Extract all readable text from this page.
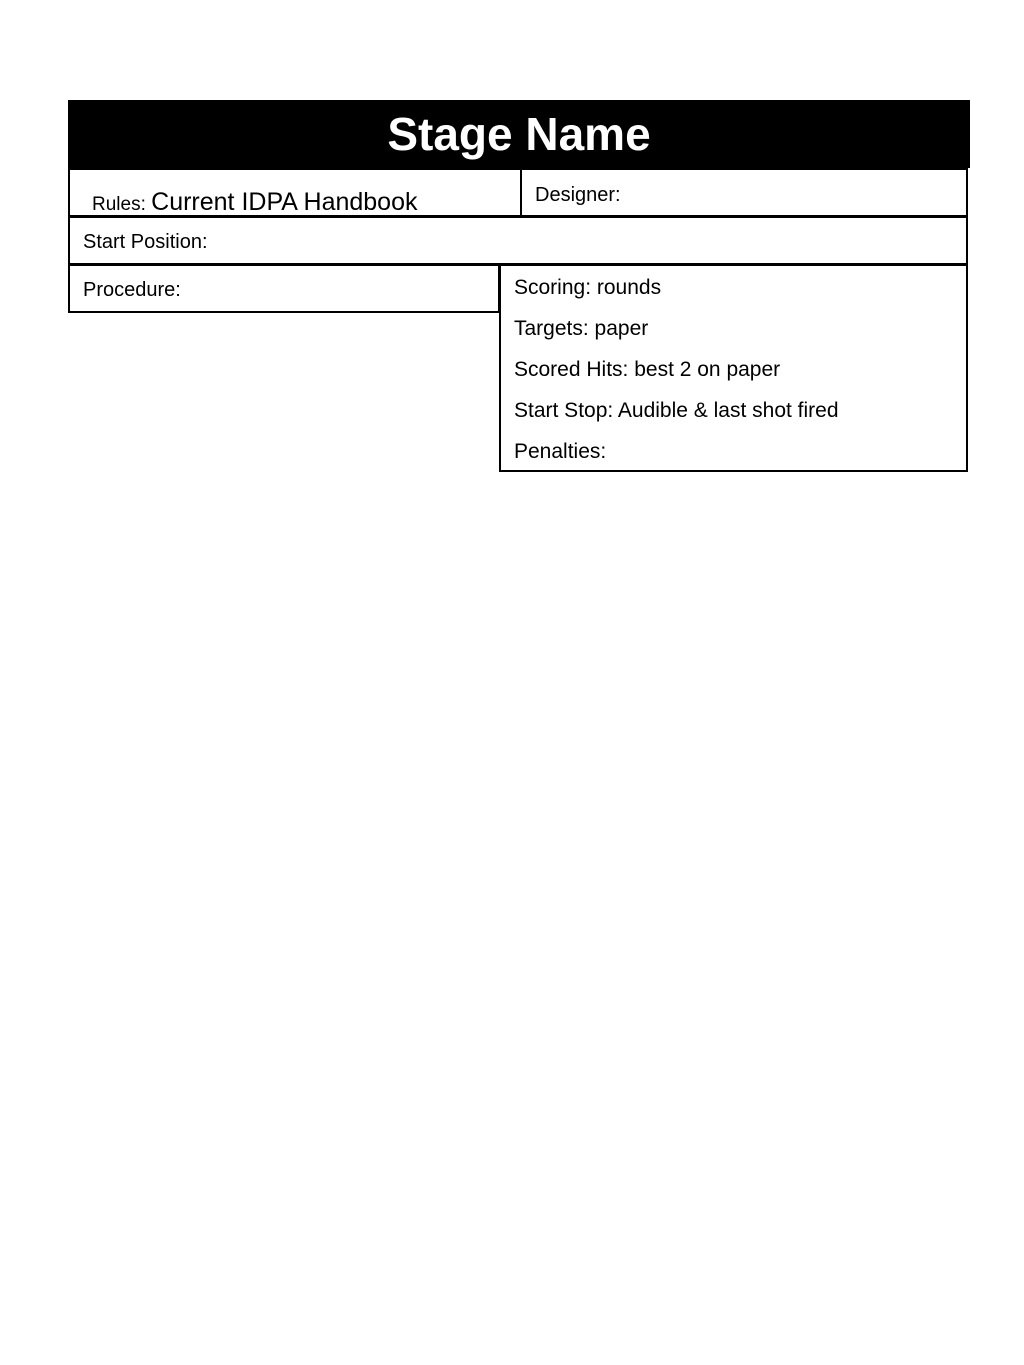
Stage Name
Rules: Current IDPA Handbook	Designer:
Start Position:
Procedure:	Scoring: rounds
Targets: paper
Scored Hits: best 2 on paper
Start Stop: Audible & last shot fired
Penalties:
